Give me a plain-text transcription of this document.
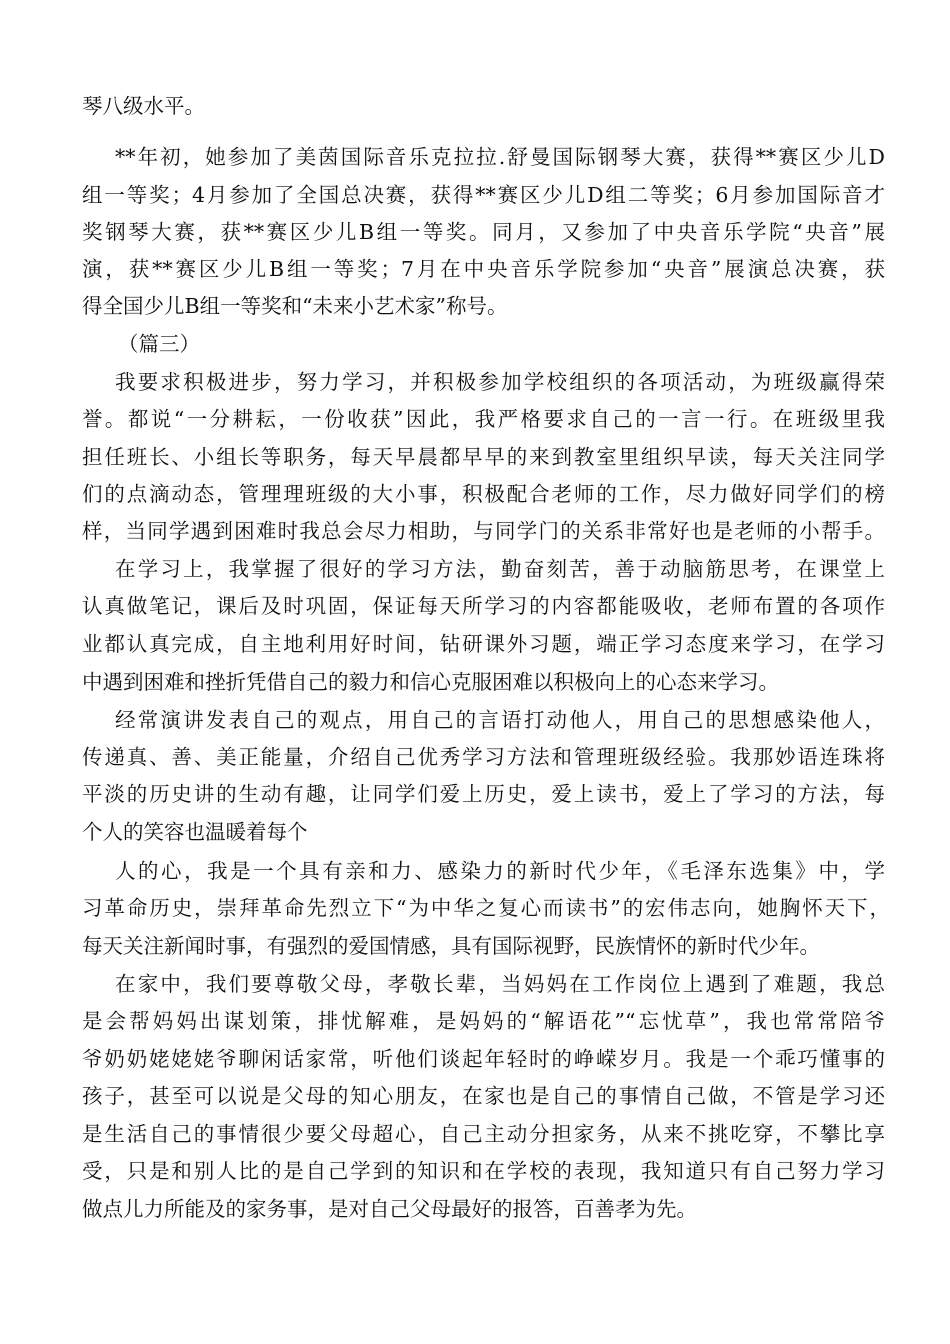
琴八级水平。
**年初，她参加了美茵国际音乐克拉拉.舒曼国际钢琴大赛，获得**赛区少儿D
组一等奖；4月参加了全国总决赛，获得**赛区少儿D组二等奖；6月参加国际音才
奖钢琴大赛，获**赛区少儿B组一等奖。同月，又参加了中央音乐学院“央音”展
演，获**赛区少儿B组一等奖；7月在中央音乐学院参加“央音”展演总决赛，获
得全国少儿B组一等奖和“未来小艺术家”称号。
（篇三）
我要求积极进步，努力学习，并积极参加学校组织的各项活动，为班级赢得荣
誉。都说“一分耕耘，一份收获”因此，我严格要求自己的一言一行。在班级里我
担任班长、小组长等职务，每天早晨都早早的来到教室里组织早读，每天关注同学
们的点滴动态，管理理班级的大小事，积极配合老师的工作，尽力做好同学们的榜
样，当同学遇到困难时我总会尽力相助，与同学门的关系非常好也是老师的小帮手。
在学习上，我掌握了很好的学习方法，勤奋刻苦，善于动脑筋思考，在课堂上
认真做笔记，课后及时巩固，保证每天所学习的内容都能吸收，老师布置的各项作
业都认真完成，自主地利用好时间，钻研课外习题，端正学习态度来学习，在学习
中遇到困难和挫折凭借自己的毅力和信心克服困难以积极向上的心态来学习。
经常演讲发表自己的观点，用自己的言语打动他人，用自己的思想感染他人，
传递真、善、美正能量，介绍自己优秀学习方法和管理班级经验。我那妙语连珠将
平淡的历史讲的生动有趣，让同学们爱上历史，爱上读书，爱上了学习的方法，每
个人的笑容也温暖着每个
人的心，我是一个具有亲和力、感染力的新时代少年，《毛泽东选集》中，学
习革命历史，崇拜革命先烈立下“为中华之复心而读书”的宏伟志向，她胸怀天下，
每天关注新闻时事，有强烈的爱国情感，具有国际视野，民族情怀的新时代少年。
在家中，我们要尊敬父母，孝敬长辈，当妈妈在工作岗位上遇到了难题，我总
是会帮妈妈出谋划策，排忧解难，是妈妈的“解语花”“忘忧草”，我也常常陪爷
爷奶奶姥姥姥爷聊闲话家常，听他们谈起年轻时的峥嵘岁月。我是一个乖巧懂事的
孩子，甚至可以说是父母的知心朋友，在家也是自己的事情自己做，不管是学习还
是生活自己的事情很少要父母超心，自己主动分担家务，从来不挑吃穿，不攀比享
受，只是和别人比的是自己学到的知识和在学校的表现，我知道只有自己努力学习
做点儿力所能及的家务事，是对自己父母最好的报答，百善孝为先。
